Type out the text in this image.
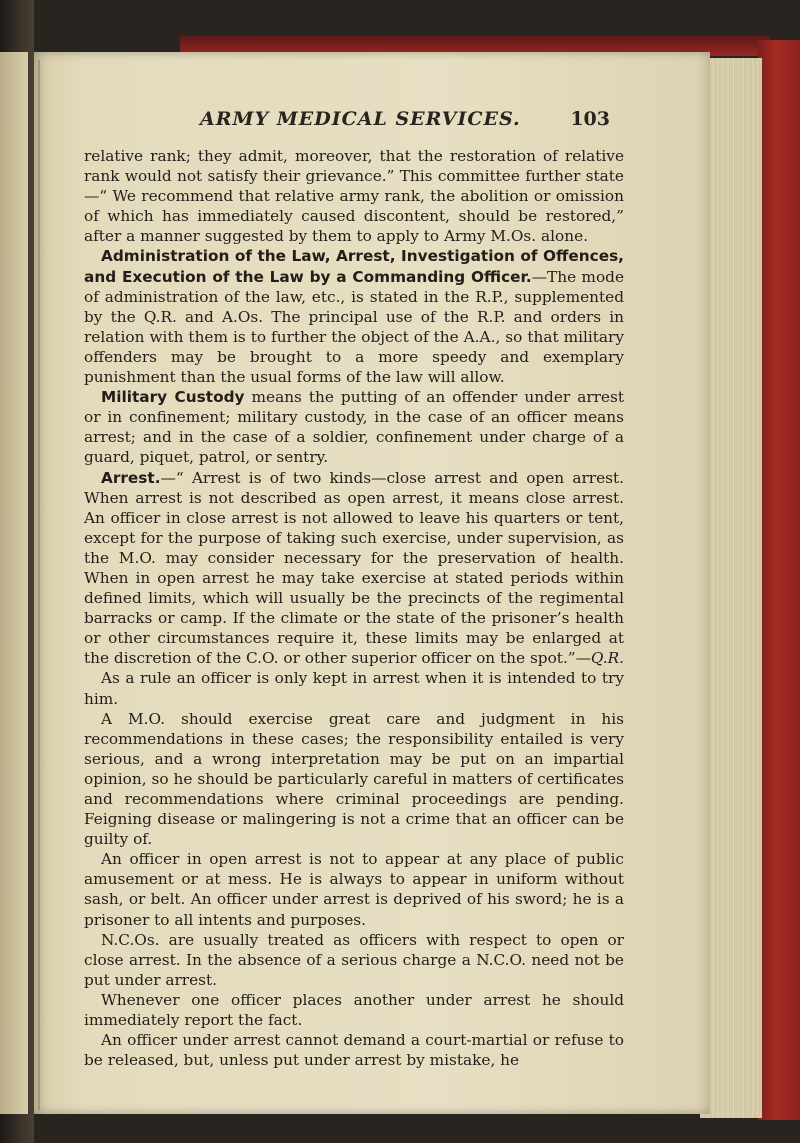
ARMY MEDICAL SERVICES.	103

relative rank; they admit, moreover, that the restoration of relative rank would not satisfy their grievance.” This committee further state—“ We recommend that relative army rank, the abolition or omission of which has immediately caused discontent, should be restored,” after a manner suggested by them to apply to Army M.Os. alone.

Administration of the Law, Arrest, Investigation of Offences, and Execution of the Law by a Commanding Officer.—The mode of administration of the law, etc., is stated in the R.P., supplemented by the Q.R. and A.Os. The principal use of the R.P. and orders in relation with them is to further the object of the A.A., so that military offenders may be brought to a more speedy and exemplary punishment than the usual forms of the law will allow.

Military Custody means the putting of an offender under arrest or in confinement; military custody, in the case of an officer means arrest; and in the case of a soldier, confinement under charge of a guard, piquet, patrol, or sentry.

Arrest.—“ Arrest is of two kinds—close arrest and open arrest. When arrest is not described as open arrest, it means close arrest. An officer in close arrest is not allowed to leave his quarters or tent, except for the purpose of taking such exercise, under supervision, as the M.O. may consider necessary for the preservation of health. When in open arrest he may take exercise at stated periods within defined limits, which will usually be the precincts of the regimental barracks or camp. If the climate or the state of the prisoner’s health or other circumstances require it, these limits may be enlarged at the discretion of the C.O. or other superior officer on the spot.”—Q.R.

As a rule an officer is only kept in arrest when it is intended to try him.

A M.O. should exercise great care and judgment in his recommendations in these cases; the responsibility entailed is very serious, and a wrong interpretation may be put on an impartial opinion, so he should be particularly careful in matters of certificates and recommendations where criminal proceedings are pending. Feigning disease or malingering is not a crime that an officer can be guilty of.

An officer in open arrest is not to appear at any place of public amusement or at mess. He is always to appear in uniform without sash, or belt. An officer under arrest is deprived of his sword; he is a prisoner to all intents and purposes.

N.C.Os. are usually treated as officers with respect to open or close arrest. In the absence of a serious charge a N.C.O. need not be put under arrest.

Whenever one officer places another under arrest he should immediately report the fact.

An officer under arrest cannot demand a court-martial or refuse to be released, but, unless put under arrest by mistake, he
